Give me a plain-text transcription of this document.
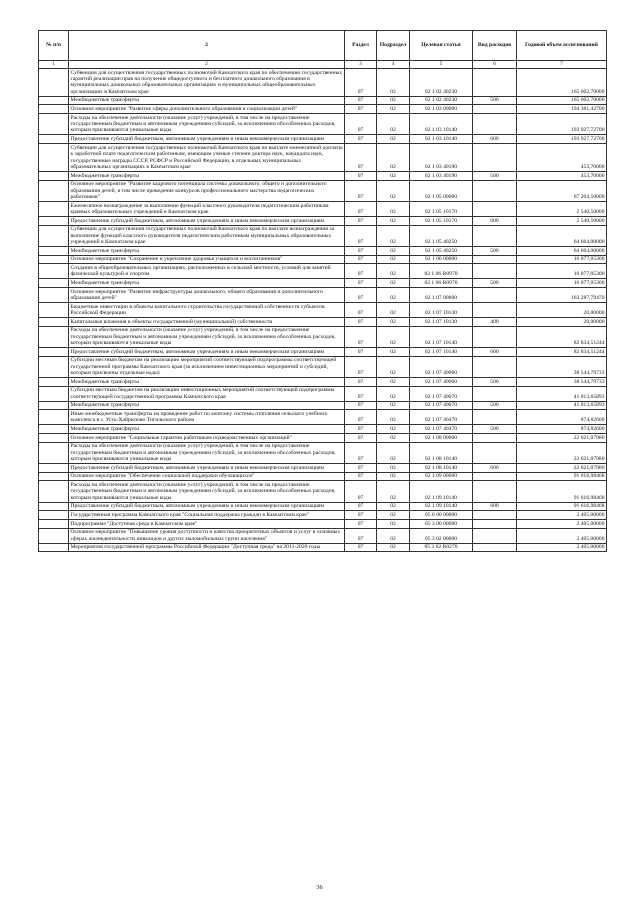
№ п/п	2	Раздел	Подраздел	Целевая статья	Вид расходов	Годовой объем ассигнований
1	2	3	4	5	6	7
	Субвенции для осуществления государственных полномочий Камчатского края по обеспечению государственных гарантий реализации прав на получение общедоступного и бесплатного дошкольного образования в муниципальных дошкольных образовательных организациях и муниципальных общеобразовательных организациях в Камчатском крае	07	02	02 1 02 40230		165 602,70000
	Межбюджетные трансферты	07	02	02 1 02 40230	500	165 602,70000
	Основное мероприятие "Развитие сферы дополнительного образования и социализации детей"	07	02	02 1 03 00000		194 381,42700
	Расходы на обеспечение деятельности (оказание услуг) учреждений, в том числе на предоставление государственным бюджетным и автономным учреждениям субсидий, за исключением обособленных расходов, которым присваиваются уникальные коды	07	02	02 1 03 10140		193 927,72700
	Предоставление субсидий бюджетным, автономным учреждениям и иным некоммерческим организациям	07	02	02 1 03 10140	600	193 927,72700
	Субвенции для осуществления государственных полномочий Камчатского края по выплате ежемесячной доплаты к заработной плате педагогическим работникам, имеющим ученые степени доктора наук, кандидата наук, государственные награды СССР, РСФСР и Российской Федерации, в отдельных муниципальных образовательных организациях в Камчатском крае	07	02	02 1 03 40190		453,70000
	Межбюджетные трансферты	07	02	02 1 03 40190	500	453,70000
	Основное мероприятие "Развитие кадрового потенциала системы дошкольного, общего и дополнительного образования детей, в том числе проведение конкурсов профессионального мастерства педагогических работников"	07	02	02 1 05 00000		67 204,50000
	Ежемесячное вознаграждение за выполнение функций классного руководителя педагогическим работникам краевых образовательных учреждений в Камчатском крае	07	02	02 1 05 10170		2 540,50000
	Предоставление субсидий бюджетным, автономным учреждениям и иным некоммерческим организациям	07	02	02 1 05 10170	600	2 540,50000
	Субвенции для осуществления государственных полномочий Камчатского края по выплате вознаграждения за выполнение функций классного руководителя педагогическим работникам муниципальных образовательных учреждений в Камчатском крае	07	02	02 1 05 40250		64 664,00000
	Межбюджетные трансферты	07	02	02 1 05 40250	500	64 664,00000
	Основное мероприятие "Сохранение и укрепление здоровья учащихся и воспитанников"	07	02	02 1 06 00000		16 077,05300
	Создание в общеобразовательных организациях, расположенных в сельской местности, условий для занятий физической культурой и спортом	07	02	02 1 06 R0970		16 077,05300
	Межбюджетные трансферты	07	02	02 1 06 R0970	500	16 077,05300
	Основное мероприятие "Развитие инфраструктуры дошкольного, общего образования и дополнительного образования детей"	07	02	02 1 07 00000		163 287,79470
	Бюджетные инвестиции в объекты капитального строительства государственной собственности субъектов Российской Федерации	07	02	02 1 07 10130		20,00000
	Капитальные вложения в объекты государственной (муниципальной) собственности	07	02	02 1 07 10130	400	20,00000
	Расходы на обеспечение деятельности (оказание услуг) учреждений, в том числе на предоставление государственным бюджетным и автономным учреждениям субсидий, за исключением обособленных расходов, которым присваиваются уникальные коды	07	02	02 1 07 10140		82 834,51244
	Предоставление субсидий бюджетным, автономным учреждениям и иным некоммерческим организациям	07	02	02 1 07 10140	600	82 834,51244
	Субсидии местным бюджетам на реализацию мероприятий соответствующей подпрограммы соответствующей государственной программы Камчатского края (за исключением инвестиционных мероприятий и субсидий, которым присвоены отдельные коды)	07	02	02 1 07 40060		38 544,79733
	Межбюджетные трансферты	07	02	02 1 07 40060	500	38 544,79733
	Субсидии местным бюджетам на реализацию инвестиционных мероприятий соответствующей подпрограммы соответствующей государственной программы Камчатского края	07	02	02 1 07 40070		41 013,65893
	Межбюджетные трансферты	07	02	02 1 07 40070	500	41 013,65893
	Иные межбюджетные трансферты на проведение работ по монтажу системы отопления сельского учебного комплекса в с. Усть-Хайрюзово Тигильского района	07	02	02 1 07 40470		874,82600
	Межбюджетные трансферты	07	02	02 1 07 40470	500	874,82600
	Основное мероприятие "Социальные гарантии работникам подведомственных организаций"	07	02	02 1 08 00000		22 621,07980
	Расходы на обеспечение деятельности (оказание услуг) учреждений, в том числе на предоставление государственным бюджетным и автономным учреждениям субсидий, за исключением обособленных расходов, которым присваиваются уникальные коды	07	02	02 1 08 10140		22 621,07980
	Предоставление субсидий бюджетным, автономным учреждениям и иным некоммерческим организациям	07	02	02 1 08 10140	600	22 621,07980
	Основное мероприятие "Обеспечение социальной поддержки обучающихся"	07	02	02 1 09 00000		91 616,98468
	Расходы на обеспечение деятельности (оказание услуг) учреждений, в том числе на предоставление государственным бюджетным и автономным учреждениям субсидий, за исключением обособленных расходов, которым присваиваются уникальные коды	07	02	02 1 09 10140		91 616,98468
	Предоставление субсидий бюджетным, автономным учреждениям и иным некоммерческим организациям	07	02	02 1 09 10140	600	91 616,98468
	Государственная программа Камчатского края "Социальная поддержка граждан в Камчатском крае"	07	02	05 0 00 00000		2 405,00000
	Подпрограмма "Доступная среда в Камчатском крае"	07	02	05 3 00 00000		2 405,00000
	Основное мероприятие "Повышение уровня доступности и качества приоритетных объектов и услуг в основных сферах жизнедеятельности инвалидов и других маломобильных групп населения"	07	02	05 3 02 00000		2 405,00000
	Мероприятия государственной программы Российской Федерации "Доступная среда" на 2011-2020 годы	07	02	05 3 02 R0270		2 405,00000
36
